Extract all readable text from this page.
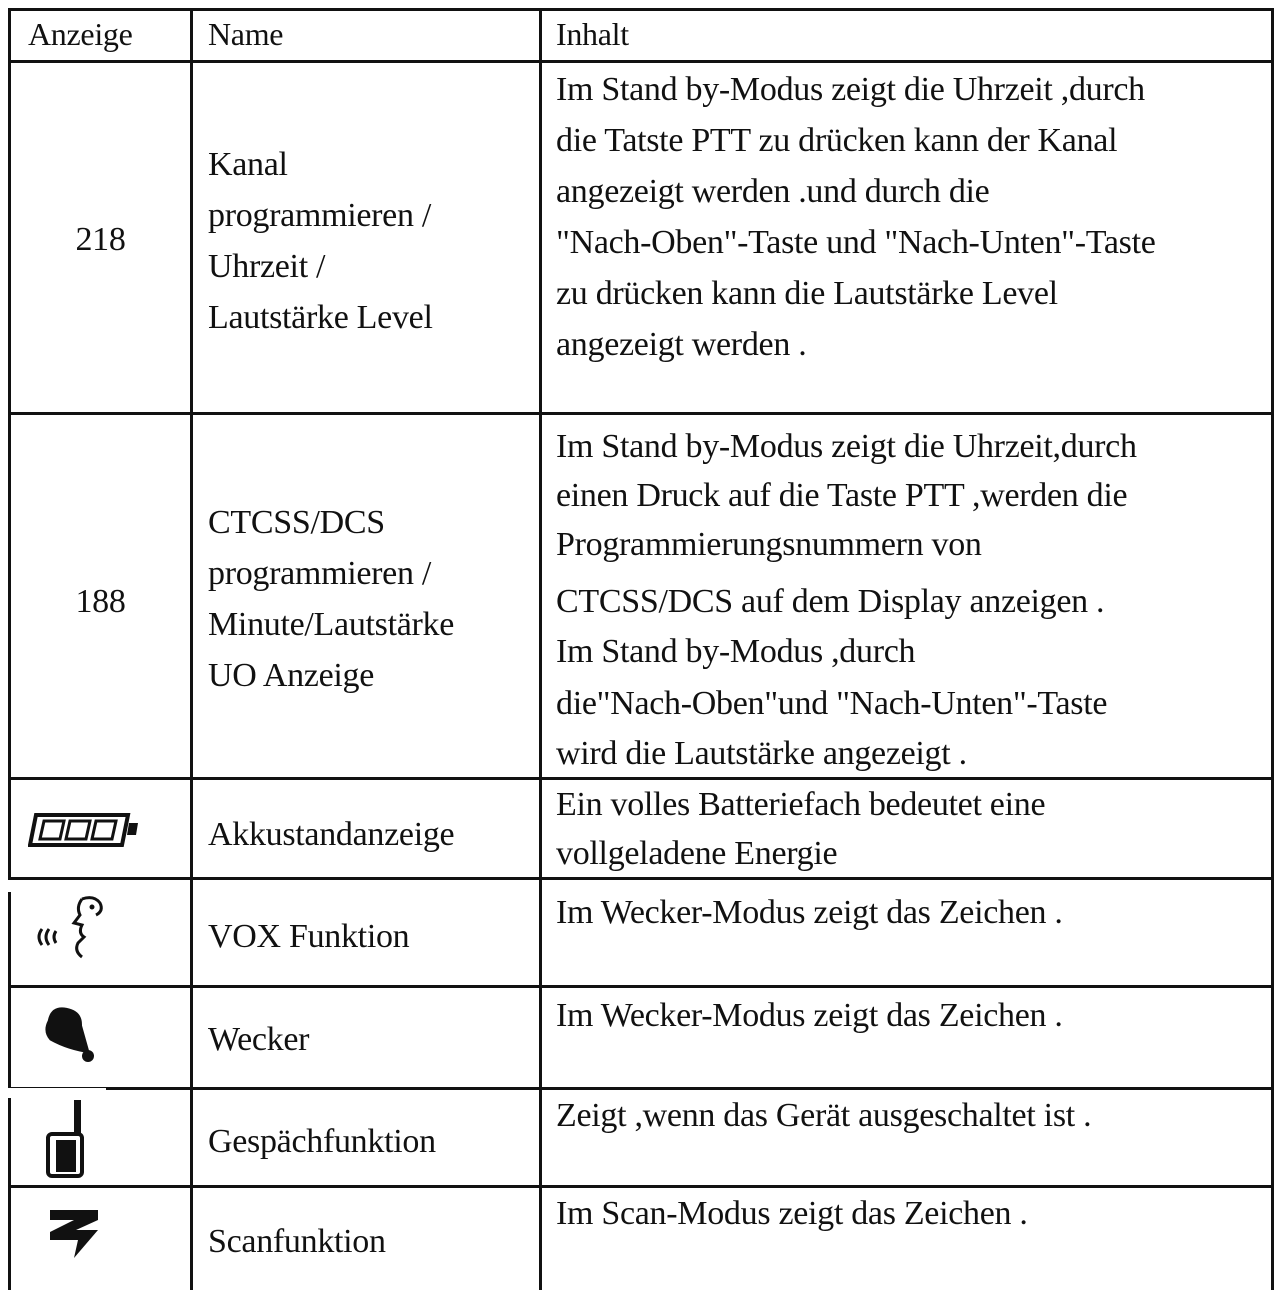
Anzeige Name	Inhalt
218
Kanal
programmieren /
Uhrzeit /
Lautstärke Level
Im Stand by-Modus zeigt die Uhrzeit ,durch
die Tatste PTT zu drücken kann der Kanal
angezeigt werden .und durch die
"Nach-Oben"-Taste und "Nach-Unten"-Taste
zu drücken kann die Lautstärke Level
angezeigt werden .
188
CTCSS/DCS
programmieren /
Minute/Lautstärke
UO Anzeige
Im Stand by-Modus zeigt die Uhrzeit,durch
einen Druck auf die Taste PTT ,werden die
Programmierungsnummern von
CTCSS/DCS auf dem Display anzeigen .
Im Stand by-Modus ,durch
die"Nach-Oben"und "Nach-Unten"-Taste
wird die Lautstärke angezeigt .
Akkustandanzeige
Ein volles Batteriefach bedeutet eine
vollgeladene Energie
VOX Funktion
Im Wecker-Modus zeigt das Zeichen .
Wecker
Im Wecker-Modus zeigt das Zeichen .
Gespächfunktion
Zeigt ,wenn das Gerät ausgeschaltet ist .
Scanfunktion
Im Scan-Modus zeigt das Zeichen .
